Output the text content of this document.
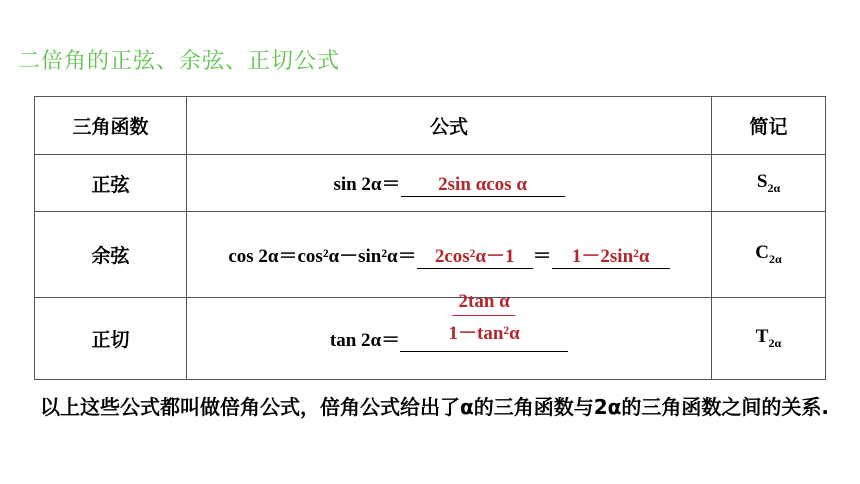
二倍角的正弦、余弦、正切公式
三角函数	公式	简记
正弦	sin 2α＝ 2sin αcos α	$S_{2\alpha}$
余弦	cos 2α＝cos²α－sin²α＝ 2cos²α－1 ＝ 1－2sin²α	$C_{2\alpha}$
正切	$\tan 2\alpha= \frac{\text{2tan α}}{\text{1－tan²α}}$	$T_{2\alpha}$
以上这些公式都叫做倍角公式，倍角公式给出了α的三角函数与2α的三角函数之间的关系.
